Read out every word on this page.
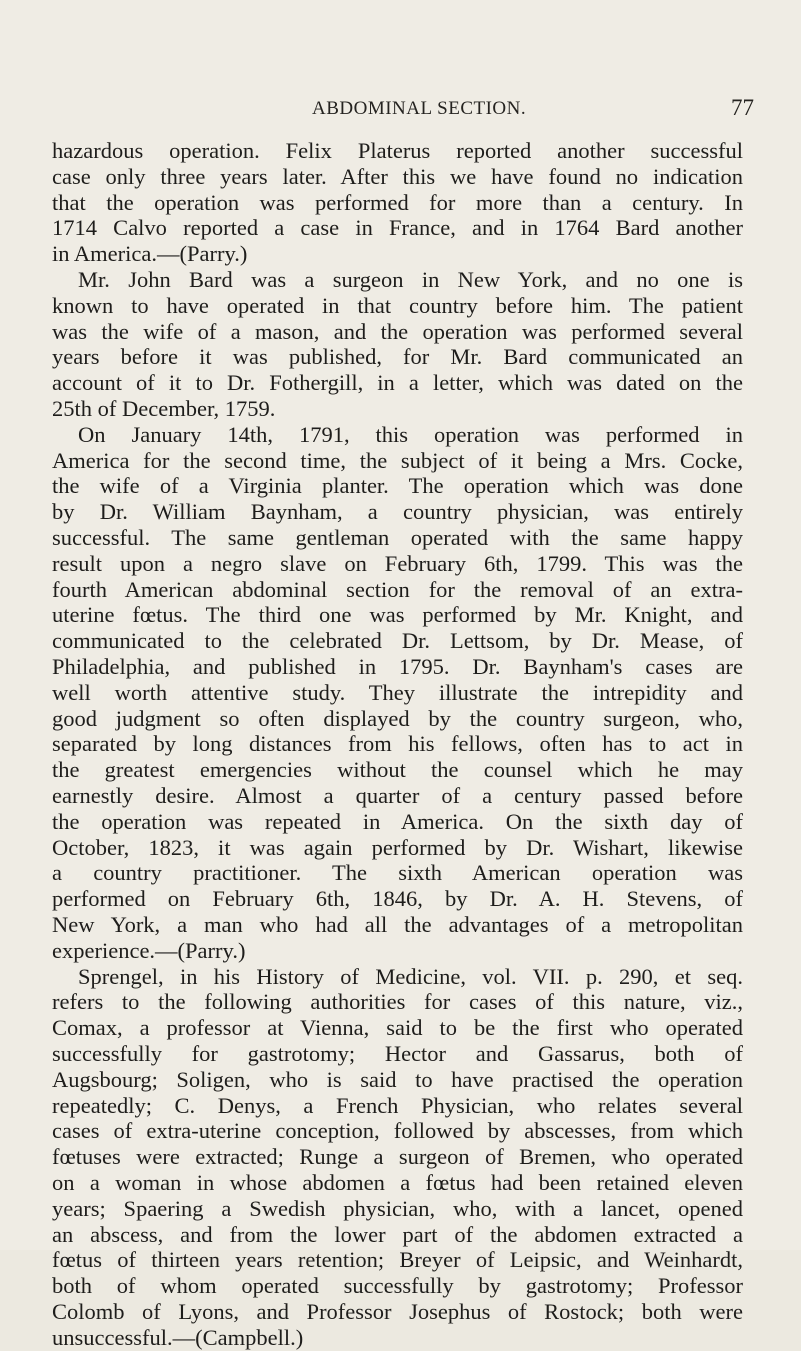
ABDOMINAL SECTION.	77
hazardous operation. Felix Platerus reported another successful
case only three years later. After this we have found no indication
that the operation was performed for more than a century. In
1714 Calvo reported a case in France, and in 1764 Bard another
in America.—(Parry.)
Mr. John Bard was a surgeon in New York, and no one is
known to have operated in that country before him. The patient
was the wife of a mason, and the operation was performed several
years before it was published, for Mr. Bard communicated an
account of it to Dr. Fothergill, in a letter, which was dated on the
25th of December, 1759.
On January 14th, 1791, this operation was performed in
America for the second time, the subject of it being a Mrs. Cocke,
the wife of a Virginia planter. The operation which was done
by Dr. William Baynham, a country physician, was entirely
successful. The same gentleman operated with the same happy
result upon a negro slave on February 6th, 1799. This was the
fourth American abdominal section for the removal of an extra-
uterine fœtus. The third one was performed by Mr. Knight, and
communicated to the celebrated Dr. Lettsom, by Dr. Mease, of
Philadelphia, and published in 1795. Dr. Baynham's cases are
well worth attentive study. They illustrate the intrepidity and
good judgment so often displayed by the country surgeon, who,
separated by long distances from his fellows, often has to act in
the greatest emergencies without the counsel which he may
earnestly desire. Almost a quarter of a century passed before
the operation was repeated in America. On the sixth day of
October, 1823, it was again performed by Dr. Wishart, likewise
a country practitioner. The sixth American operation was
performed on February 6th, 1846, by Dr. A. H. Stevens, of
New York, a man who had all the advantages of a metropolitan
experience.—(Parry.)
Sprengel, in his History of Medicine, vol. VII. p. 290, et seq.
refers to the following authorities for cases of this nature, viz.,
Comax, a professor at Vienna, said to be the first who operated
successfully for gastrotomy; Hector and Gassarus, both of
Augsbourg; Soligen, who is said to have practised the operation
repeatedly; C. Denys, a French Physician, who relates several
cases of extra-uterine conception, followed by abscesses, from which
fœtuses were extracted; Runge a surgeon of Bremen, who operated
on a woman in whose abdomen a fœtus had been retained eleven
years; Spaering a Swedish physician, who, with a lancet, opened
an abscess, and from the lower part of the abdomen extracted a
fœtus of thirteen years retention; Breyer of Leipsic, and Weinhardt,
both of whom operated successfully by gastrotomy; Professor
Colomb of Lyons, and Professor Josephus of Rostock; both were
unsuccessful.—(Campbell.)
